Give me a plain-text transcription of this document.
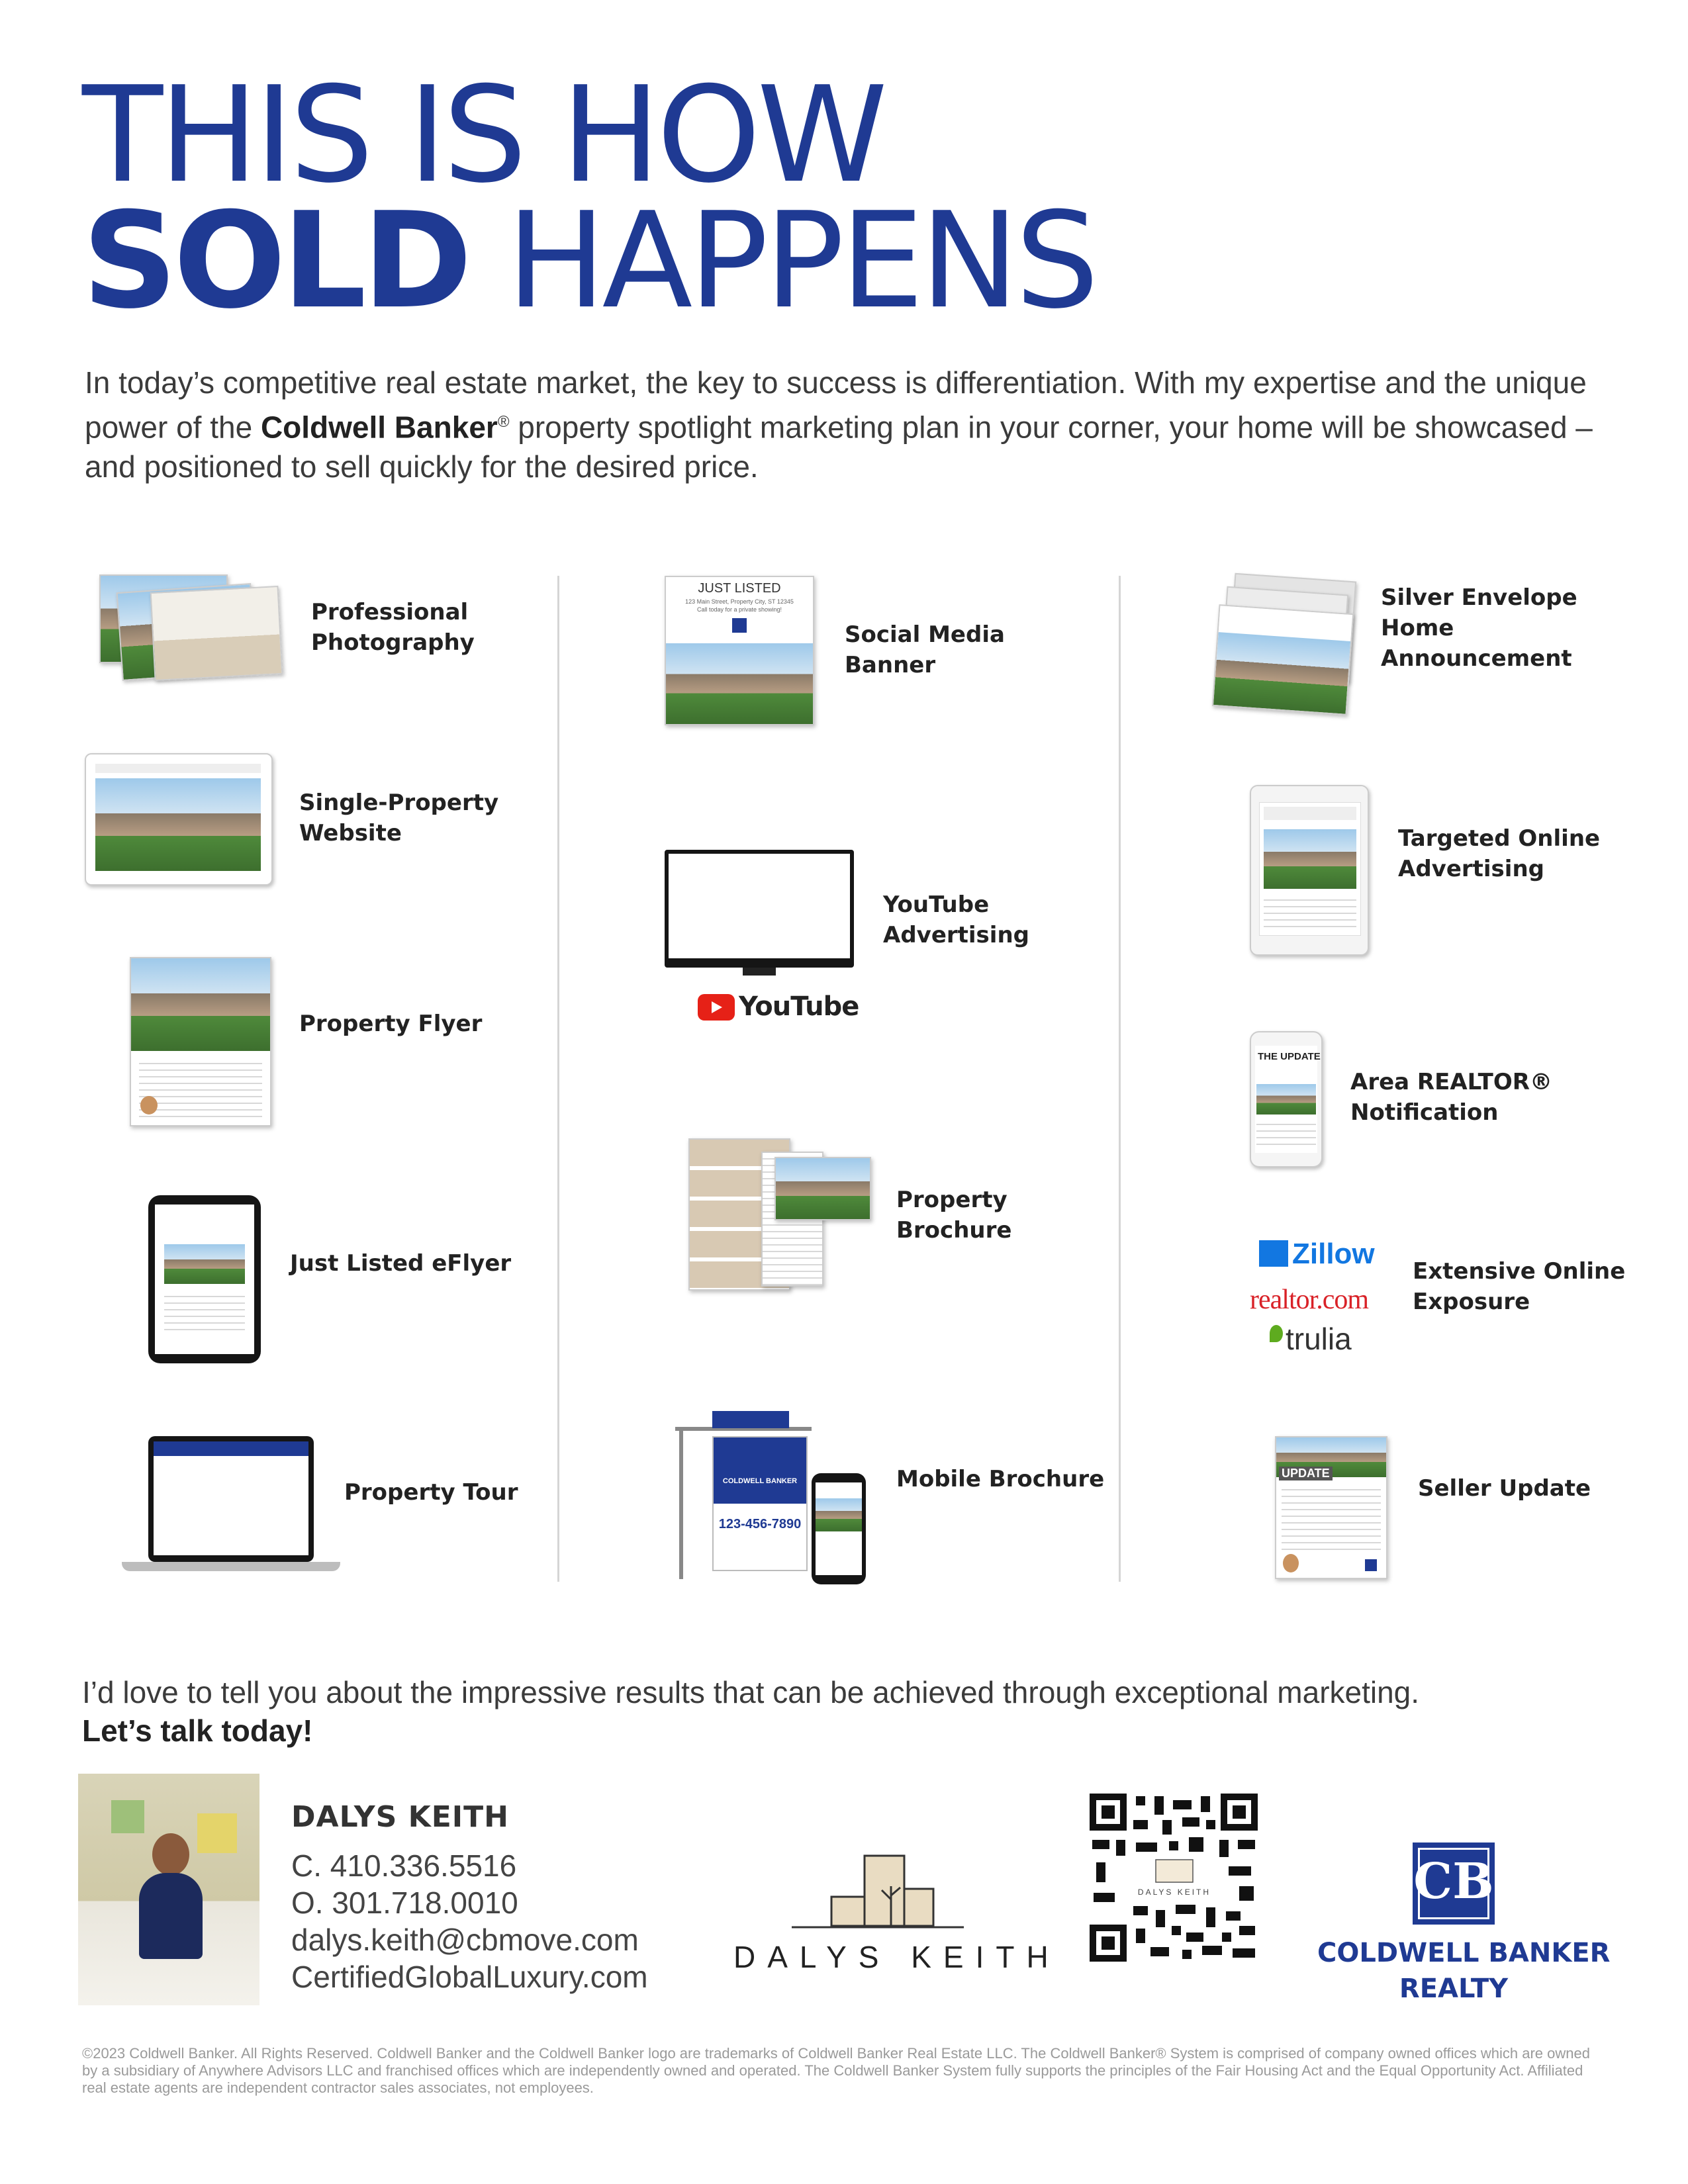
THIS IS HOW
SOLD HAPPENS
In today’s competitive real estate market, the key to success is differentiation. With my expertise and the unique power of the Coldwell Banker® property spotlight marketing plan in your corner, your home will be showcased – and positioned to sell quickly for the desired price.
Professional Photography
Single-Property Website
Property Flyer
Just Listed eFlyer
Property Tour
JUST LISTED
123 Main Street, Property City, ST 12345
Call today for a private showing!
Social Media Banner
YouTube
YouTube Advertising
Property Brochure
COLDWELL BANKER
123-456-7890
Mobile Brochure
Silver Envelope Home Announcement
Targeted Online Advertising
THE UPDATE
Area REALTOR® Notification
Zillow
realtor.com
trulia
Extensive Online Exposure
UPDATE
Seller Update
I’d love to tell you about the impressive results that can be achieved through exceptional marketing.
Let’s talk today!
DALYS KEITH
C. 410.336.5516
O. 301.718.0010
dalys.keith@cbmove.com
CertifiedGlobalLuxury.com
DALYS KEITH
DALYS KEITH	CB
COLDWELL BANKER
REALTY
©2023 Coldwell Banker. All Rights Reserved. Coldwell Banker and the Coldwell Banker logo are trademarks of Coldwell Banker Real Estate LLC. The Coldwell Banker® System is comprised of company owned offices which are owned by a subsidiary of Anywhere Advisors LLC and franchised offices which are independently owned and operated. The Coldwell Banker System fully supports the principles of the Fair Housing Act and the Equal Opportunity Act. Affiliated real estate agents are independent contractor sales associates, not employees.
